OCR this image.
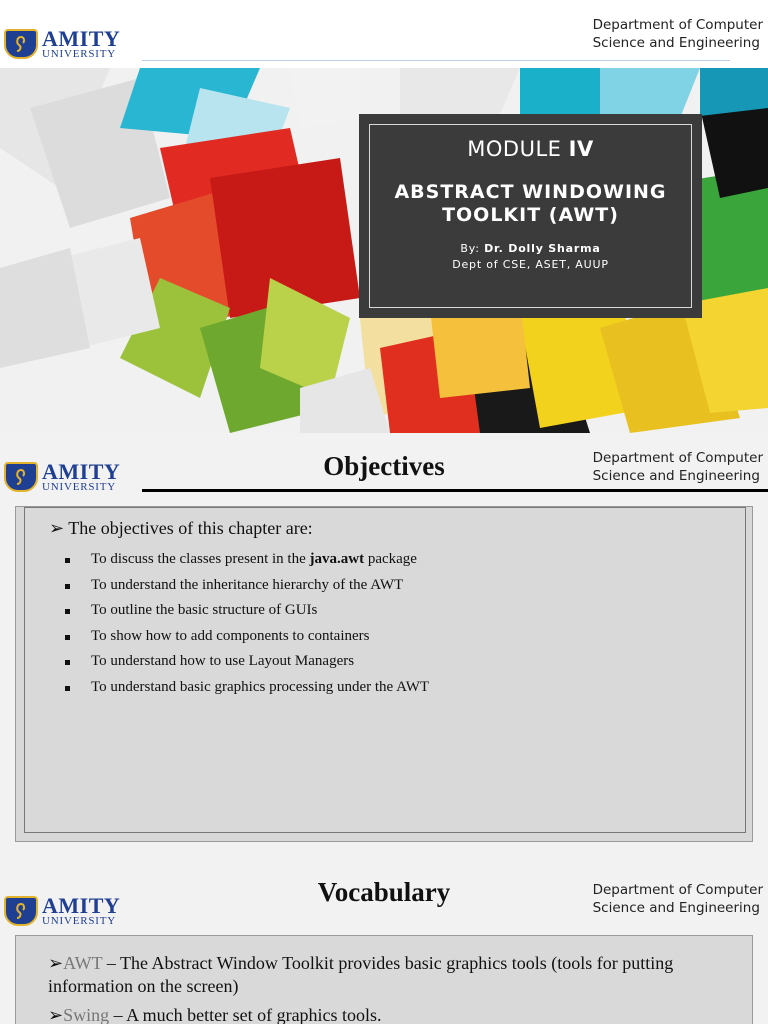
AMITY
UNIVERSITY
Department of Computer
Science and Engineering
MODULE IV
ABSTRACT WINDOWING
TOOLKIT (AWT)
By: Dr. Dolly Sharma
Dept of CSE, ASET, AUUP
AMITY
UNIVERSITY
Department of Computer
Science and Engineering
Objectives
➢ The objectives of this chapter are:
To discuss the classes present in the java.awt package
To understand the inheritance hierarchy of the AWT
To outline the basic structure of GUIs
To show how to add components to containers
To understand how to use Layout Managers
To understand basic graphics processing under the AWT
AMITY
UNIVERSITY
Department of Computer
Science and Engineering
Vocabulary
➢AWT – The Abstract Window Toolkit provides basic graphics tools (tools for putting information on the screen)
➢Swing – A much better set of graphics tools.
